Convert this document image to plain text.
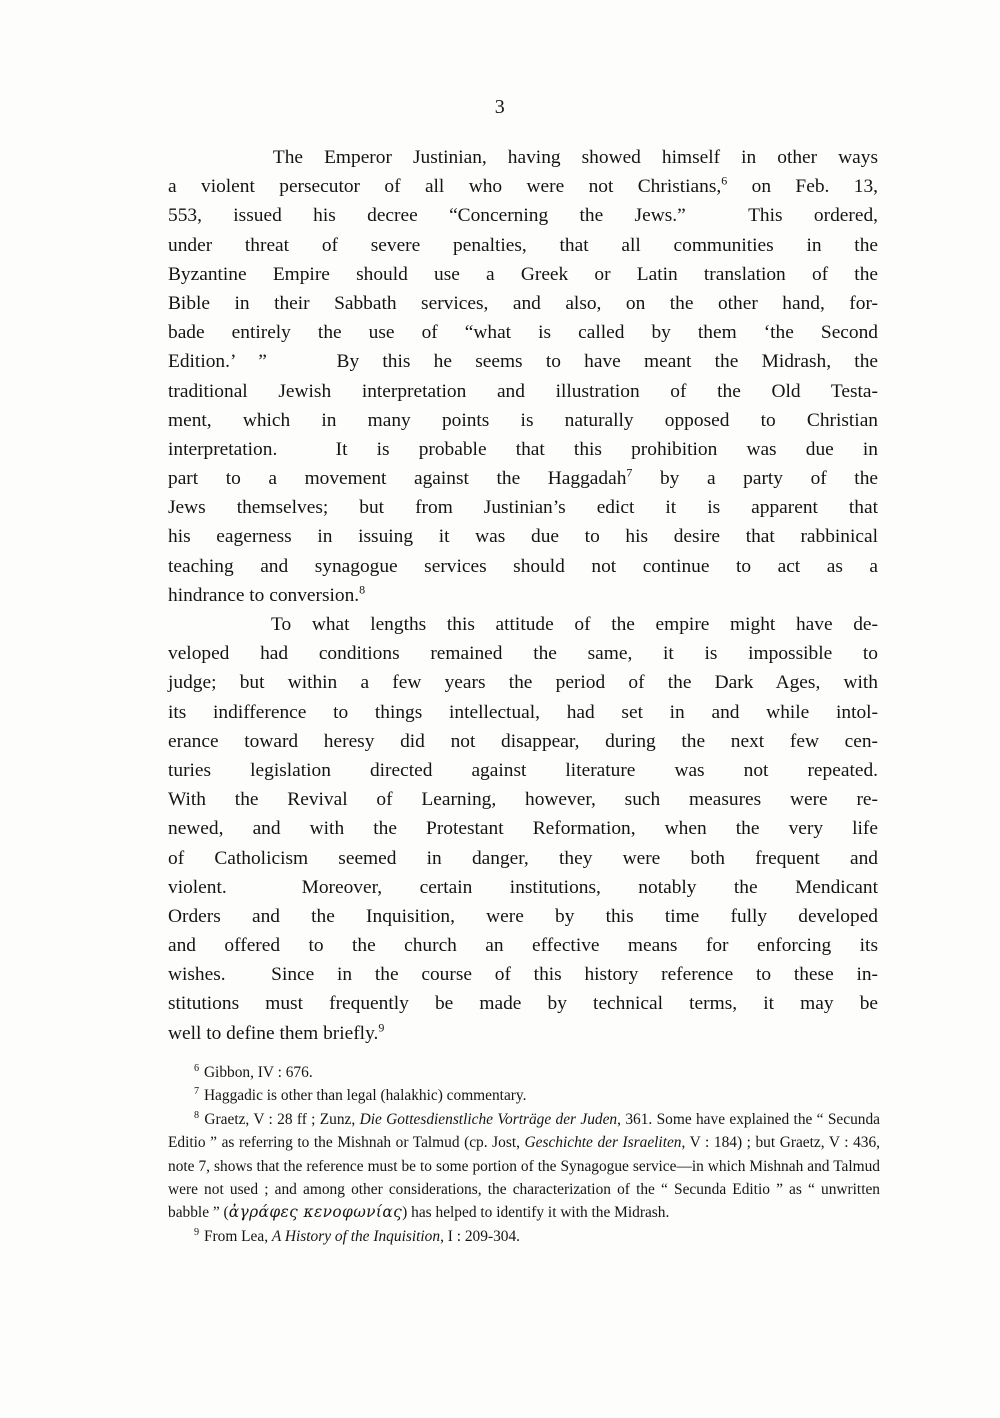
3

The Emperor Justinian, having showed himself in other ways
a violent persecutor of all who were not Christians,$^6$ on Feb. 13,
553, issued his decree “Concerning the Jews.”  This ordered,
under threat of severe penalties, that all communities in the
Byzantine Empire should use a Greek or Latin translation of the
Bible in their Sabbath services, and also, on the other hand, for-
bade entirely the use of “what is called by them ‘the Second
Edition.’ ”   By this he seems to have meant the Midrash, the
traditional Jewish interpretation and illustration of the Old Testa-
ment, which in many points is naturally opposed to Christian
interpretation.  It is probable that this prohibition was due in
part to a movement against the Haggadah$^7$ by a party of the
Jews themselves; but from Justinian’s edict it is apparent that
his eagerness in issuing it was due to his desire that rabbinical
teaching and synagogue services should not continue to act as a
hindrance to conversion.$^8$

To what lengths this attitude of the empire might have de-
veloped had conditions remained the same, it is impossible to
judge; but within a few years the period of the Dark Ages, with
its indifference to things intellectual, had set in and while intol-
erance toward heresy did not disappear, during the next few cen-
turies legislation directed against literature was not repeated.
With the Revival of Learning, however, such measures were re-
newed, and with the Protestant Reformation, when the very life
of Catholicism seemed in danger, they were both frequent and
violent.  Moreover, certain institutions, notably the Mendicant
Orders and the Inquisition, were by this time fully developed
and offered to the church an effective means for enforcing its
wishes.  Since in the course of this history reference to these in-
stitutions must frequently be made by technical terms, it may be
well to define them briefly.$^9$

$^6$ Gibbon, IV : 676.

$^7$ Haggadic is other than legal (halakhic) commentary.

$^8$ Graetz, V : 28 ff ; Zunz, Die Gottesdienstliche Vorträge der Juden, 361. Some have explained the “ Secunda Editio ” as referring to the Mishnah or Talmud (cp. Jost, Geschichte der Israeliten, V : 184) ; but Graetz, V : 436, note 7, shows that the reference must be to some portion of the Synagogue service—in which Mishnah and Talmud were not used ; and among other considerations, the characterization of the “ Secunda Editio ” as “ unwritten babble ” (ἀγράφες κενοφωνίας) has helped to identify it with the Midrash.

$^9$ From Lea, A History of the Inquisition, I : 209-304.
